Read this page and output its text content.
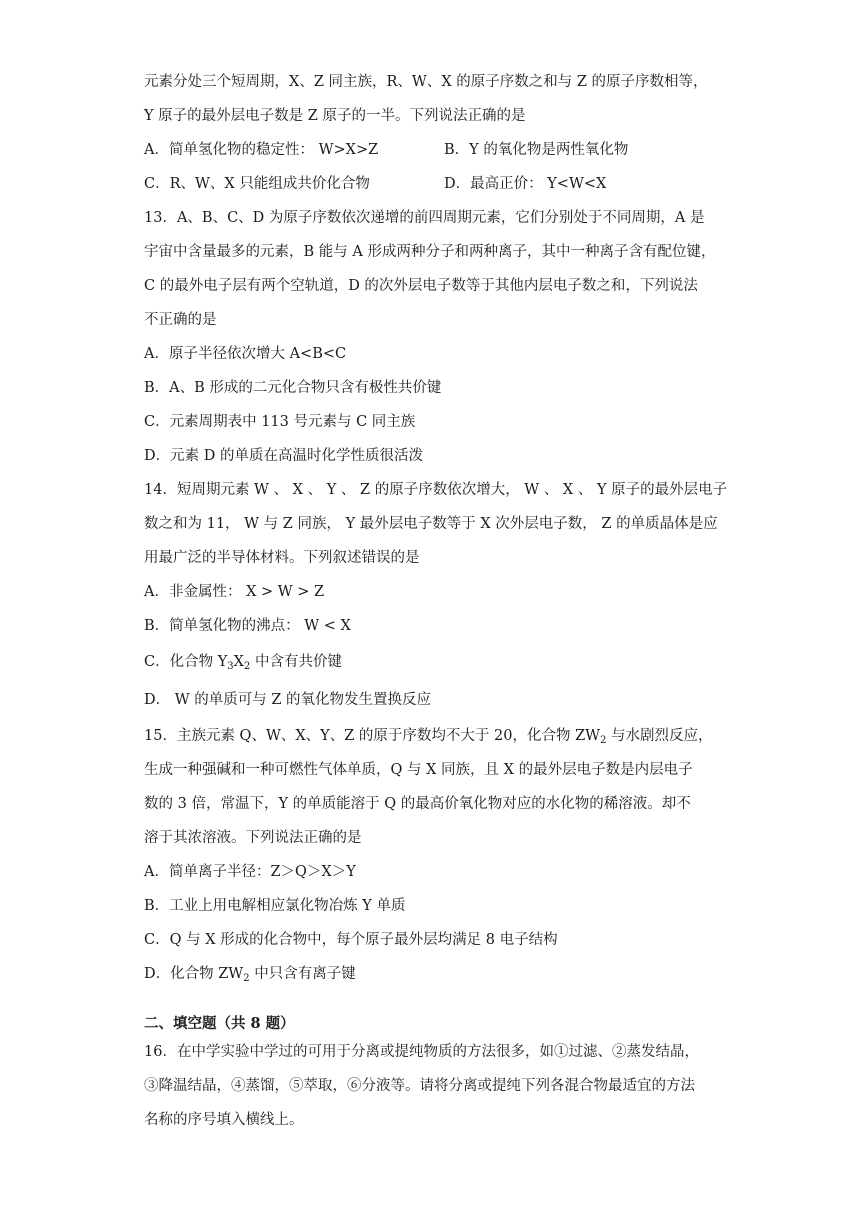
元素分处三个短周期，X、Z 同主族，R、W、X 的原子序数之和与 Z 的原子序数相等，
Y 原子的最外层电子数是 Z 原子的一半。下列说法正确的是
A．简单氢化物的稳定性： W>X>Z	B．Y 的氧化物是两性氧化物
C．R、W、X 只能组成共价化合物	D．最高正价： Y<W<X
13．A、B、C、D 为原子序数依次递增的前四周期元素，它们分别处于不同周期，A 是
宇宙中含量最多的元素，B 能与 A 形成两种分子和两种离子，其中一种离子含有配位键，
C 的最外电子层有两个空轨道，D 的次外层电子数等于其他内层电子数之和，下列说法
不正确的是
A．原子半径依次增大 A<B<C
B．A、B 形成的二元化合物只含有极性共价键
C．元素周期表中 113 号元素与 C 同主族
D．元素 D 的单质在高温时化学性质很活泼
14．短周期元素 W 、 X 、 Y 、 Z 的原子序数依次增大， W 、 X 、 Y 原子的最外层电子
数之和为 11， W 与 Z 同族， Y 最外层电子数等于 X 次外层电子数， Z 的单质晶体是应
用最广泛的半导体材料。下列叙述错误的是
A．非金属性： X > W > Z
B．简单氢化物的沸点： W < X
C．化合物 $Y_3X_2$ 中含有共价键
D． W 的单质可与 Z 的氧化物发生置换反应
15．主族元素 Q、W、X、Y、Z 的原于序数均不大于 20，化合物 $ZW_2$ 与水剧烈反应，
生成一种强碱和一种可燃性气体单质，Q 与 X 同族，且 X 的最外层电子数是内层电子
数的 3 倍，常温下，Y 的单质能溶于 Q 的最高价氧化物对应的水化物的稀溶液。却不
溶于其浓溶液。下列说法正确的是
A．简单离子半径：Z＞Q＞X＞Y
B．工业上用电解相应氯化物冶炼 Y 单质
C．Q 与 X 形成的化合物中，每个原子最外层均满足 8 电子结构
D．化合物 $ZW_2$ 中只含有离子键
二、填空题（共 8 题）
16．在中学实验中学过的可用于分离或提纯物质的方法很多，如①过滤、②蒸发结晶，
③降温结晶，④蒸馏，⑤萃取，⑥分液等。请将分离或提纯下列各混合物最适宜的方法
名称的序号填入横线上。
